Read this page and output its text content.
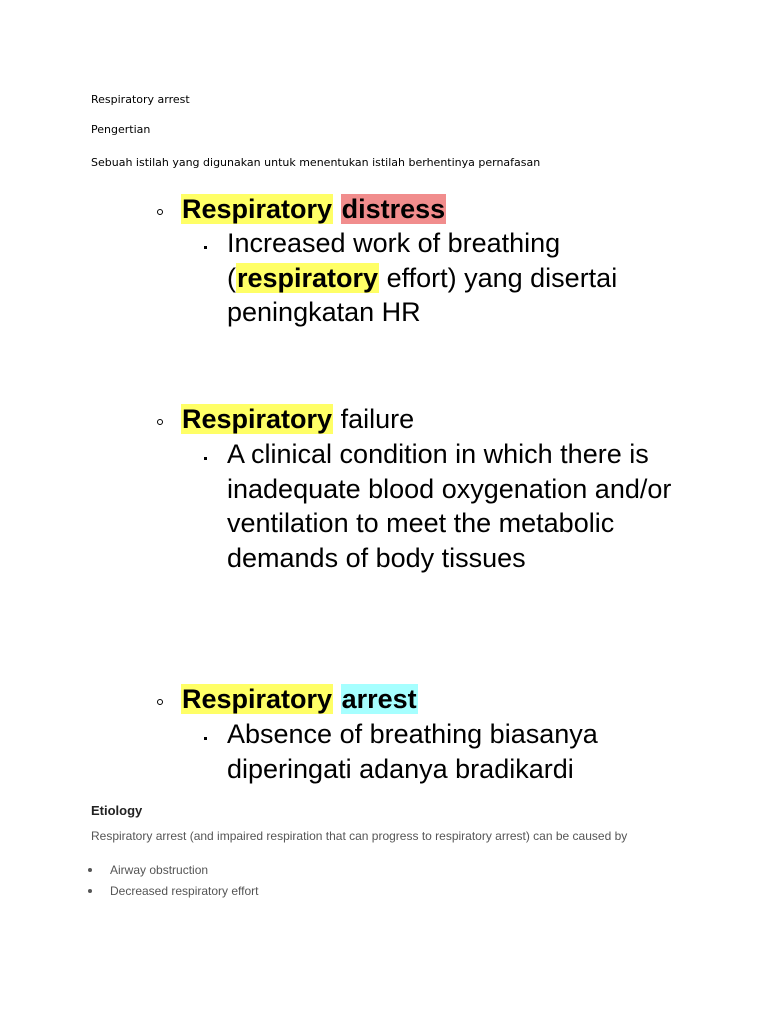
Respiratory arrest
Pengertian
Sebuah istilah yang digunakan untuk menentukan istilah berhentinya pernafasan
Respiratory distress
Increased work of breathing (respiratory effort) yang disertai peningkatan HR
Respiratory failure
A clinical condition in which there is inadequate blood oxygenation and/or ventilation to meet the metabolic demands of body tissues
Respiratory arrest
Absence of breathing biasanya diperingati adanya bradikardi
Etiology
Respiratory arrest (and impaired respiration that can progress to respiratory arrest) can be caused by
Airway obstruction
Decreased respiratory effort
